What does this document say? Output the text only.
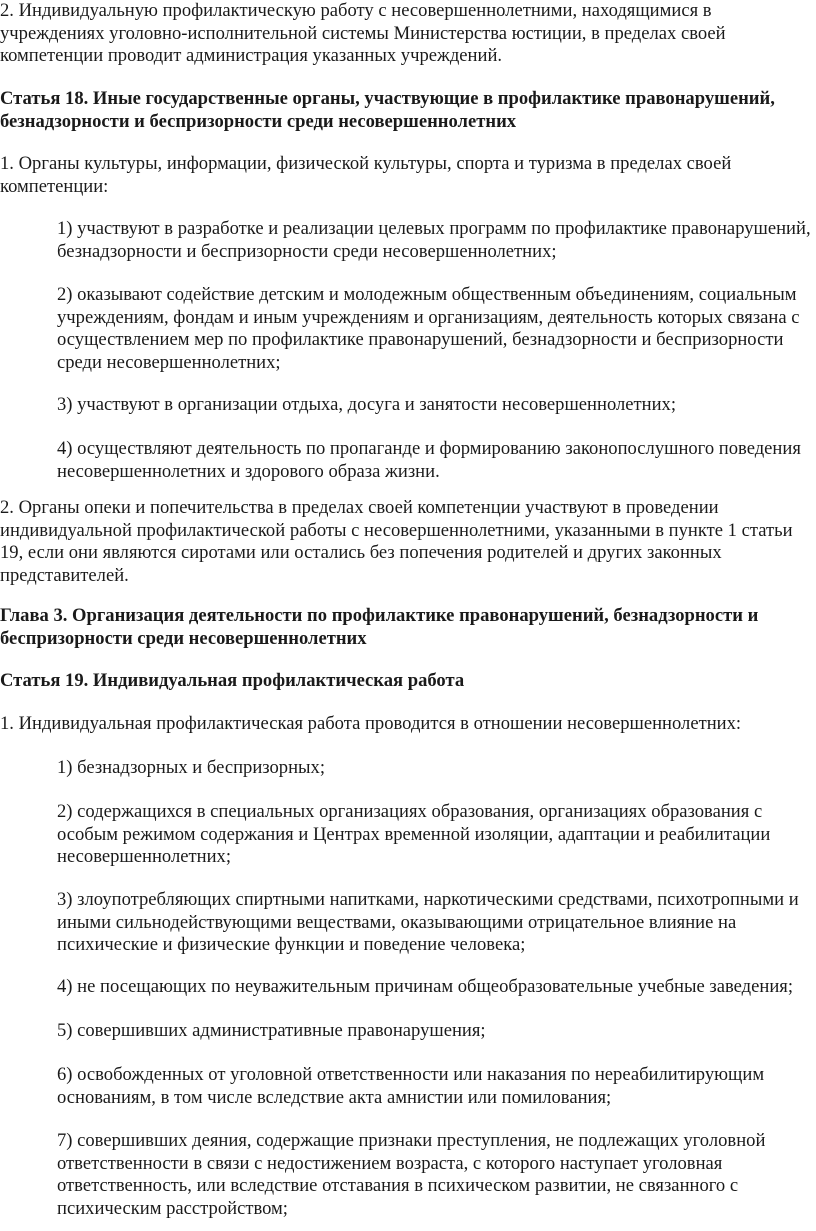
2. Индивидуальную профилактическую работу с несовершеннолетними, находящимися в учреждениях уголовно-исполнительной системы Министерства юстиции, в пределах своей компетенции проводит администрация указанных учреждений.

Статья 18. Иные государственные органы, участвующие в профилактике правонарушений, безнадзорности и беспризорности среди несовершеннолетних

1. Органы культуры, информации, физической культуры, спорта и туризма в пределах своей компетенции:

1) участвуют в разработке и реализации целевых программ по профилактике правонарушений, безнадзорности и беспризорности среди несовершеннолетних;

2) оказывают содействие детским и молодежным общественным объединениям, социальным учреждениям, фондам и иным учреждениям и организациям, деятельность которых связана с осуществлением мер по профилактике правонарушений, безнадзорности и беспризорности среди несовершеннолетних;

3) участвуют в организации отдыха, досуга и занятости несовершеннолетних;

4) осуществляют деятельность по пропаганде и формированию законопослушного поведения несовершеннолетних и здорового образа жизни.

2. Органы опеки и попечительства в пределах своей компетенции участвуют в проведении индивидуальной профилактической работы с несовершеннолетними, указанными в пункте 1 статьи 19, если они являются сиротами или остались без попечения родителей и других законных представителей.

Глава 3. Организация деятельности по профилактике правонарушений, безнадзорности и беспризорности среди несовершеннолетних

Статья 19. Индивидуальная профилактическая работа

1. Индивидуальная профилактическая работа проводится в отношении несовершеннолетних:

1) безнадзорных и беспризорных;

2) содержащихся в специальных организациях образования, организациях образования с особым режимом содержания и Центрах временной изоляции, адаптации и реабилитации несовершеннолетних;

3) злоупотребляющих спиртными напитками, наркотическими средствами, психотропными и иными сильнодействующими веществами, оказывающими отрицательное влияние на психические и физические функции и поведение человека;

4) не посещающих по неуважительным причинам общеобразовательные учебные заведения;

5) совершивших административные правонарушения;

6) освобожденных от уголовной ответственности или наказания по нереабилитирующим основаниям, в том числе вследствие акта амнистии или помилования;

7) совершивших деяния, содержащие признаки преступления, не подлежащих уголовной ответственности в связи с недостижением возраста, с которого наступает уголовная ответственность, или вследствие отставания в психическом развитии, не связанного с психическим расстройством;
